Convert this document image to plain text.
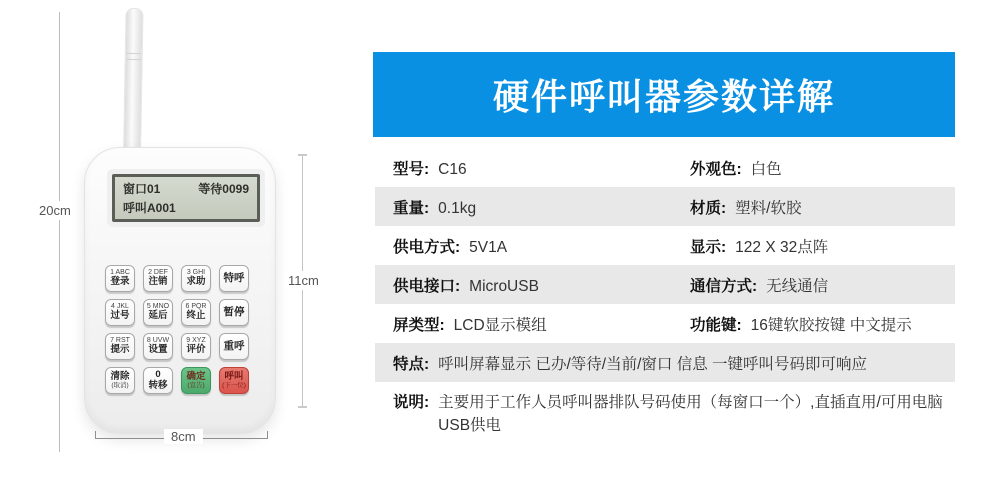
20cm
窗口01	等待0099
呼叫A001
1 ABC
登录
2 DEF
注销
3 GHI
求助 特呼
4 JKL
过号
5 MNO
延后
6 PQR
终止 暂停
7 RST
提示
8 UVW
设置
9 XYZ
评价 重呼
清除
(取消)
0
转移
确定
(宣告)
呼叫
(下一位)
11cm
8cm
硬件呼叫器参数详解
型号: C16	外观色: 白色
重量: 0.1kg	材质: 塑料/软胶
供电方式: 5V1A	显示: 122 X 32点阵
供电接口: MicroUSB	通信方式: 无线通信
屏类型: LCD显示模组	功能键: 16键软胶按键 中文提示
特点: 呼叫屏幕显示 已办/等待/当前/窗口 信息 一键呼叫号码即可响应
说明: 主要用于工作人员呼叫器排队号码使用（每窗口一个）,直插直用/可用电脑USB供电
